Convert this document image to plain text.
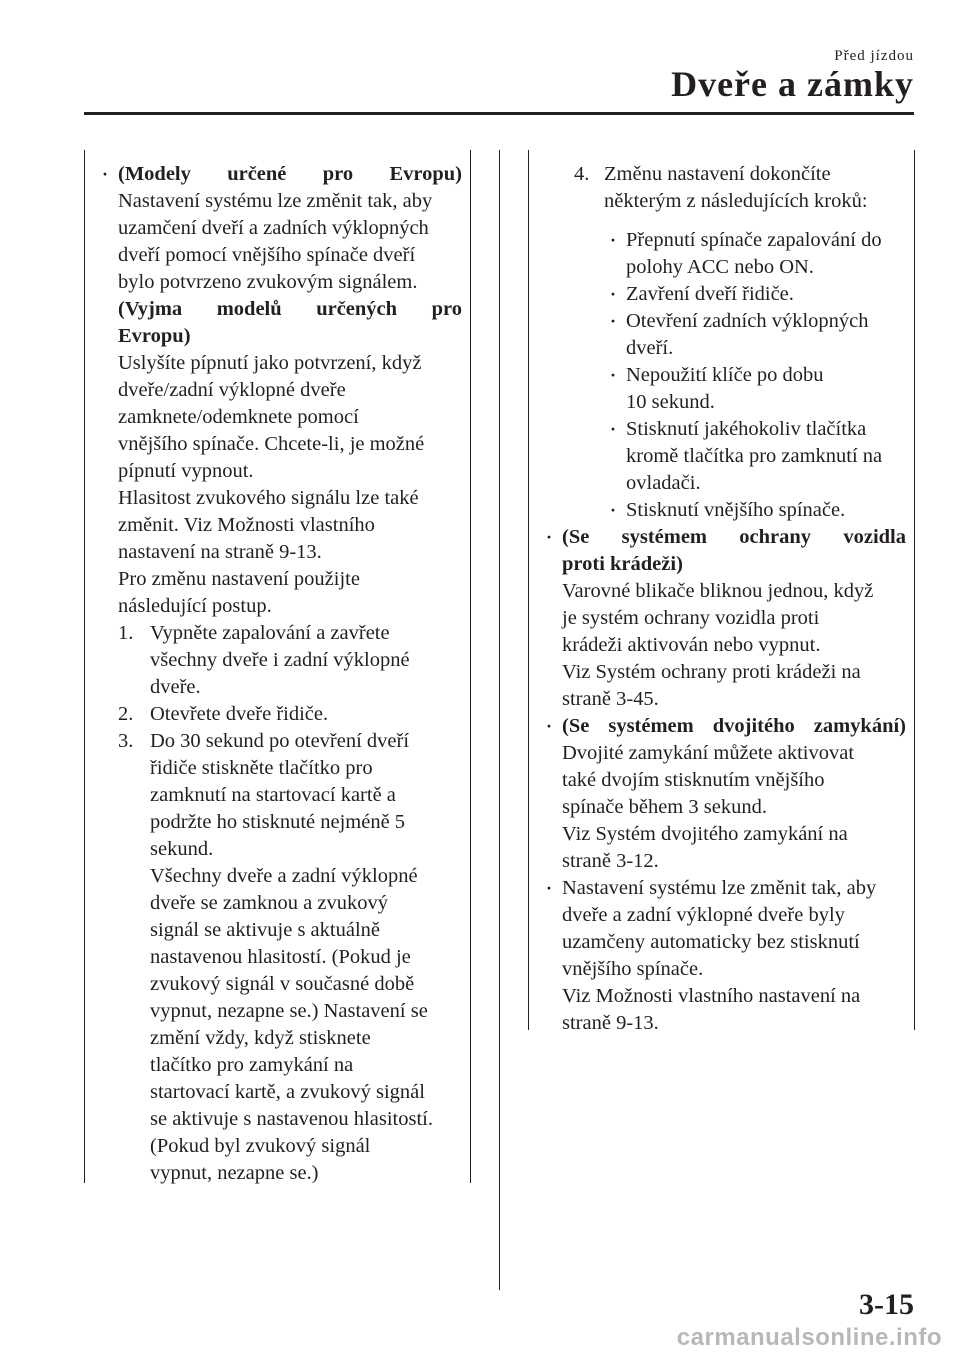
Před jízdou
Dveře a zámky
· (Modely určené pro Evropu)

Nastavení systému lze změnit tak, aby

uzamčení dveří a zadních výklopných

dveří pomocí vnějšího spínače dveří

bylo potvrzeno zvukovým signálem.

(Vyjma modelů určených pro

Evropu)

Uslyšíte pípnutí jako potvrzení, když

dveře/zadní výklopné dveře

zamknete/odemknete pomocí

vnějšího spínače. Chcete-li, je možné

pípnutí vypnout.

Hlasitost zvukového signálu lze také

změnit. Viz Možnosti vlastního

nastavení na straně 9-13.

Pro změnu nastavení použijte

následující postup.

1. Vypněte zapalování a zavřete

všechny dveře i zadní výklopné

dveře.

2. Otevřete dveře řidiče.

3. Do 30 sekund po otevření dveří

řidiče stiskněte tlačítko pro

zamknutí na startovací kartě a

podržte ho stisknuté nejméně 5

sekund.

Všechny dveře a zadní výklopné

dveře se zamknou a zvukový

signál se aktivuje s aktuálně

nastavenou hlasitostí. (Pokud je

zvukový signál v současné době

vypnut, nezapne se.) Nastavení se

změní vždy, když stisknete

tlačítko pro zamykání na

startovací kartě, a zvukový signál

se aktivuje s nastavenou hlasitostí.

(Pokud byl zvukový signál

vypnut, nezapne se.)

4. Změnu nastavení dokončíte

některým z následujících kroků:

· Přepnutí spínače zapalování do

polohy ACC nebo ON.

· Zavření dveří řidiče.

· Otevření zadních výklopných

dveří.

· Nepoužití klíče po dobu

10 sekund.

· Stisknutí jakéhokoliv tlačítka

kromě tlačítka pro zamknutí na

ovladači.

· Stisknutí vnějšího spínače.

· (Se systémem ochrany vozidla

proti krádeži)

Varovné blikače bliknou jednou, když

je systém ochrany vozidla proti

krádeži aktivován nebo vypnut.

Viz Systém ochrany proti krádeži na

straně 3-45.

· (Se systémem dvojitého zamykání)

Dvojité zamykání můžete aktivovat

také dvojím stisknutím vnějšího

spínače během 3 sekund.

Viz Systém dvojitého zamykání na

straně 3-12.

· Nastavení systému lze změnit tak, aby

dveře a zadní výklopné dveře byly

uzamčeny automaticky bez stisknutí

vnějšího spínače.

Viz Možnosti vlastního nastavení na

straně 9-13.

3-15
carmanualsonline.info
